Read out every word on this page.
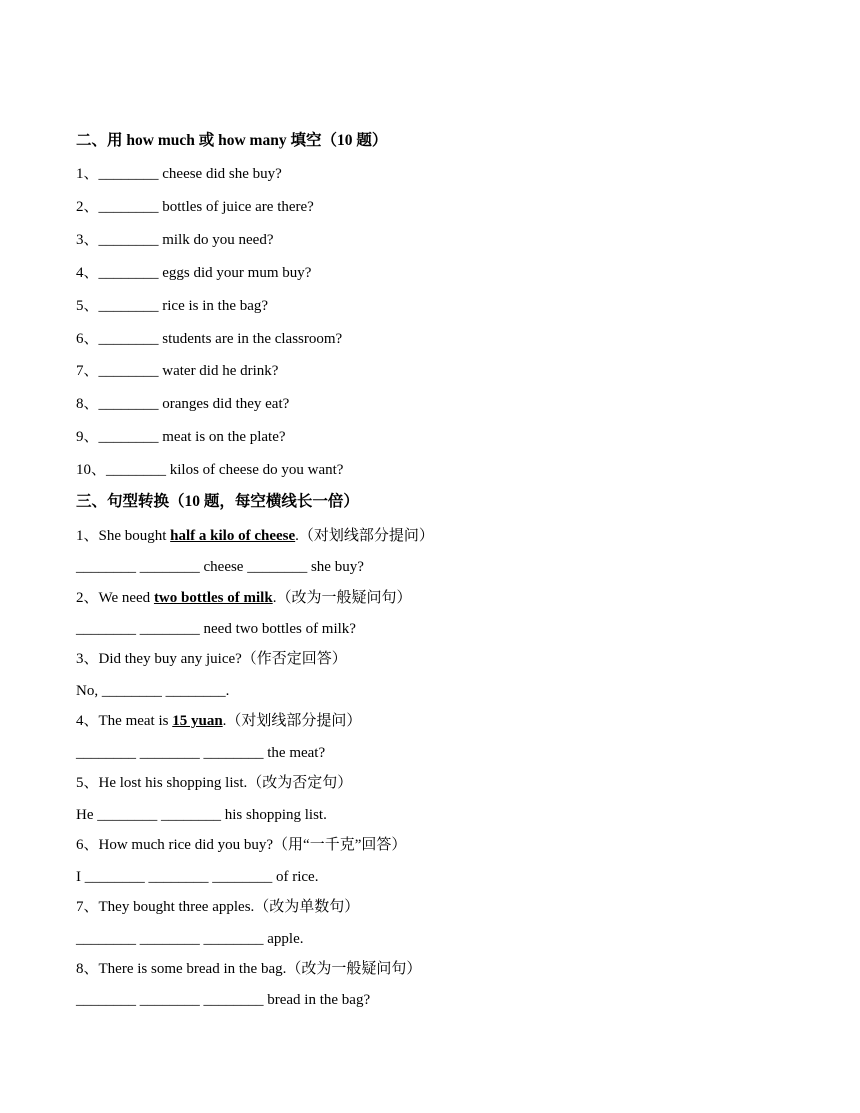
二、用 how much 或 how many 填空（10 题）
1、________ cheese did she buy?
2、________ bottles of juice are there?
3、________ milk do you need?
4、________ eggs did your mum buy?
5、________ rice is in the bag?
6、________ students are in the classroom?
7、________ water did he drink?
8、________ oranges did they eat?
9、________ meat is on the plate?
10、________ kilos of cheese do you want?
三、句型转换（10 题，每空横线长一倍）
1、She bought half a kilo of cheese.（对划线部分提问）
________ ________ cheese ________ she buy?
2、We need two bottles of milk.（改为一般疑问句）
________ ________ need two bottles of milk?
3、Did they buy any juice?（作否定回答）
No, ________ ________.
4、The meat is 15 yuan.（对划线部分提问）
________ ________ ________ the meat?
5、He lost his shopping list.（改为否定句）
He ________ ________ his shopping list.
6、How much rice did you buy?（用“一千克”回答）
I ________ ________ ________ of rice.
7、They bought three apples.（改为单数句）
________ ________ ________ apple.
8、There is some bread in the bag.（改为一般疑问句）
________ ________ ________ bread in the bag?
